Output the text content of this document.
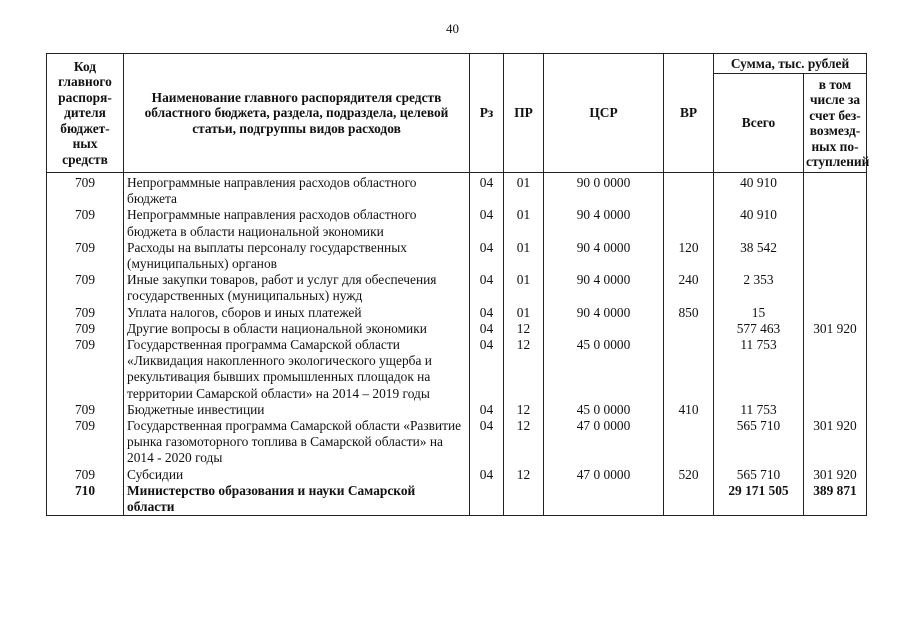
40
Код главного распоря-дителя бюджет-ных средств	Наименование главного распорядителя средств областного бюджета, раздела, подраздела, целевой статьи, подгруппы видов расходов	Рз	ПР	ЦСР	ВР	Сумма, тыс. рублей	
						Всего	в том числе за счет без-возмезд-ных по-ступлений
709	Непрограммные направления расходов областного бюджета	04	01	90 0 0000		40 910	
709	Непрограммные направления расходов областного бюджета в области национальной экономики	04	01	90 4 0000		40 910	
709	Расходы на выплаты персоналу государственных (муниципальных) органов	04	01	90 4 0000	120	38 542	
709	Иные закупки товаров, работ и услуг для обеспечения государственных (муниципальных) нужд	04	01	90 4 0000	240	2 353	
709	Уплата налогов, сборов и иных платежей	04	01	90 4 0000	850	15	
709	Другие вопросы в области национальной экономики	04	12			577 463	301 920
709	Государственная программа Самарской области «Ликвидация накопленного экологического ущерба и рекультивация бывших промышленных площадок на территории Самарской области» на 2014 – 2019 годы	04	12	45 0 0000		11 753	
709	Бюджетные инвестиции	04	12	45 0 0000	410	11 753	
709	Государственная программа Самарской области «Развитие рынка газомоторного топлива в Самарской области» на 2014 - 2020 годы	04	12	47 0 0000		565 710	301 920
709	Субсидии	04	12	47 0 0000	520	565 710	301 920
710	Министерство образования и науки Самарской области					29 171 505	389 871
